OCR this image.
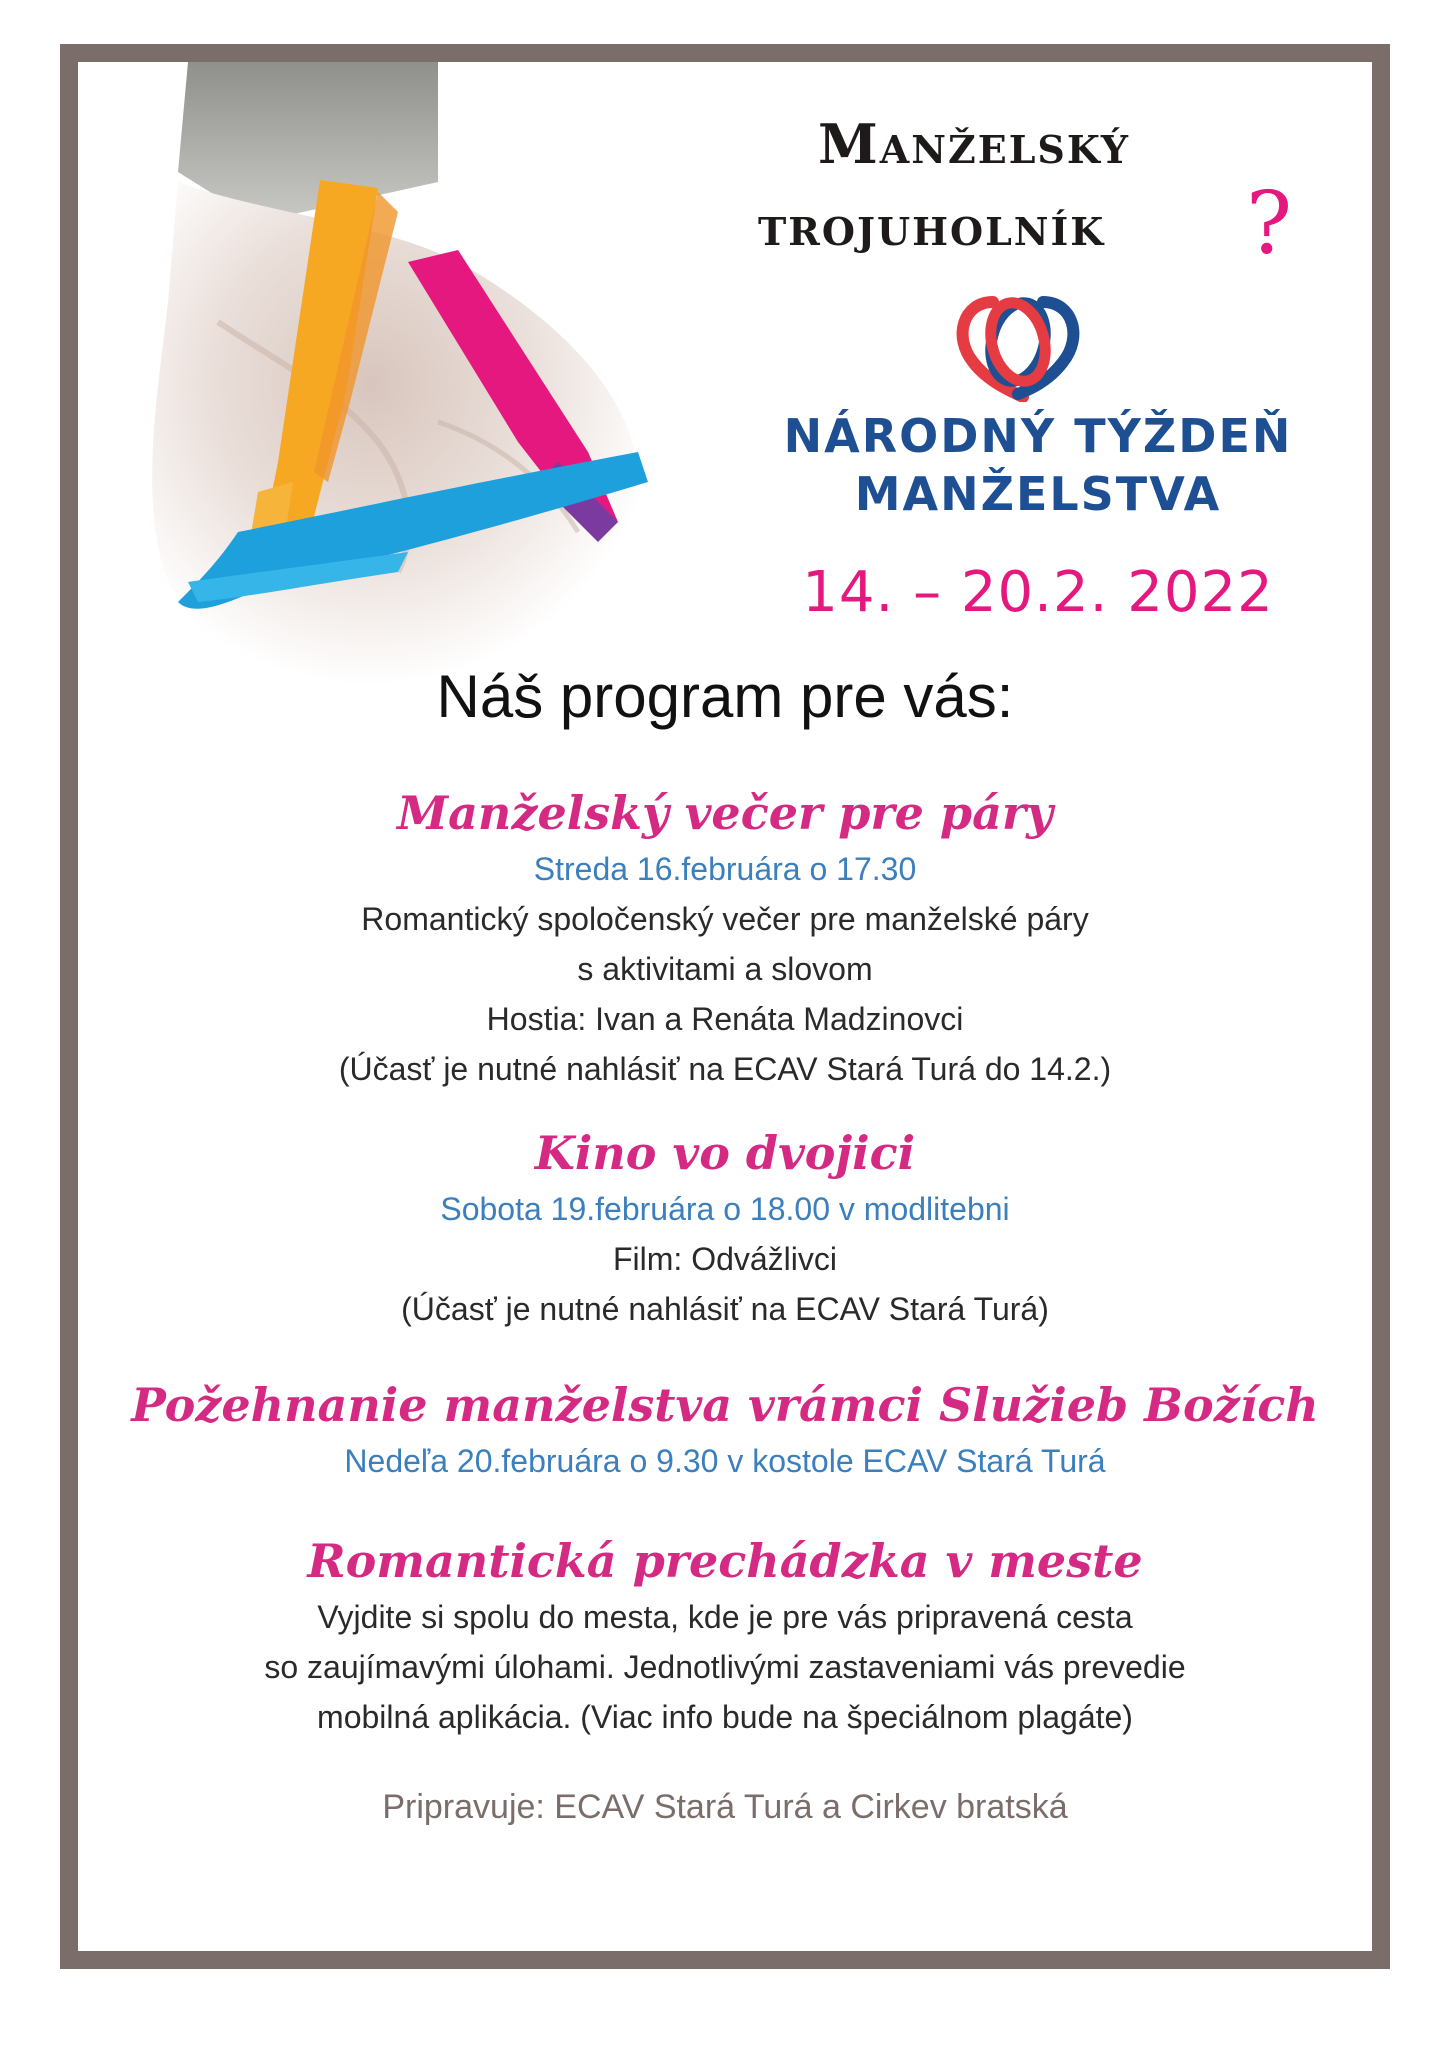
Manželský
trojuholník ?
NÁRODNÝ TÝŽDEŇ
MANŽELSTVA
14. – 20.2. 2022
Náš program pre vás:
Manželský večer pre páry
Streda 16.februára o 17.30
Romantický spoločenský večer pre manželské páry
s aktivitami a slovom
Hostia: Ivan a Renáta Madzinovci
(Účasť je nutné nahlásiť na ECAV Stará Turá do 14.2.)
Kino vo dvojici
Sobota 19.februára o 18.00 v modlitebni
Film: Odvážlivci
(Účasť je nutné nahlásiť na ECAV Stará Turá)
Požehnanie manželstva vrámci Služieb Božích
Nedeľa 20.februára o 9.30 v kostole ECAV Stará Turá
Romantická prechádzka v meste
Vyjdite si spolu do mesta, kde je pre vás pripravená cesta
so zaujímavými úlohami. Jednotlivými zastaveniami vás prevedie
mobilná aplikácia. (Viac info bude na špeciálnom plagáte)
Pripravuje: ECAV Stará Turá a Cirkev bratská
